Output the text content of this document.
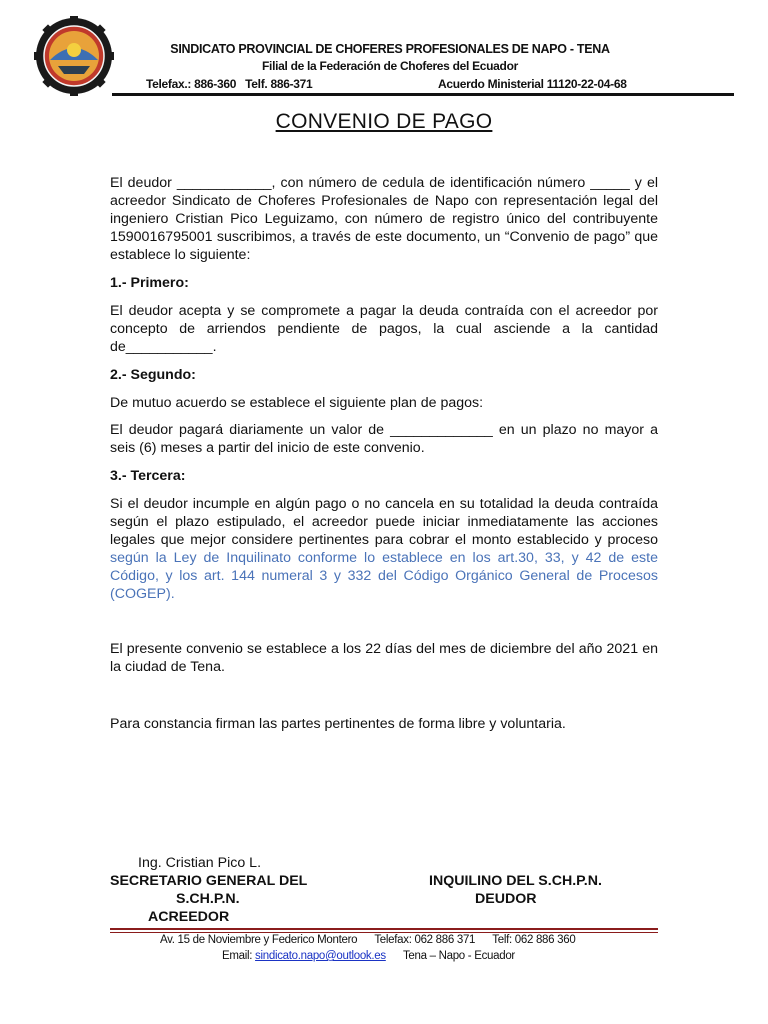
SINDICATO PROVINCIAL DE CHOFERES PROFESIONALES DE NAPO - TENA
Filial de la Federación de Choferes del Ecuador
Telefax.: 886-360   Telf. 886-371	Acuerdo Ministerial 11120-22-04-68
CONVENIO DE PAGO
El deudor ____________, con número de cedula de identificación número _____ y el acreedor Sindicato de Choferes Profesionales de Napo con representación legal del ingeniero Cristian Pico Leguizamo, con número de registro único del contribuyente 1590016795001 suscribimos, a través de este documento, un “Convenio de pago” que establece lo siguiente:
1.- Primero:
El deudor acepta y se compromete a pagar la deuda contraída con el acreedor por concepto de arriendos pendiente de pagos, la cual asciende a la cantidad de___________.
2.- Segundo:
De mutuo acuerdo se establece el siguiente plan de pagos:
El deudor pagará diariamente un valor de _____________ en un plazo no mayor a seis (6) meses a partir del inicio de este convenio.
3.- Tercera:
Si el deudor incumple en algún pago o no cancela en su totalidad la deuda contraída según el plazo estipulado, el acreedor puede iniciar inmediatamente las acciones legales que mejor considere pertinentes para cobrar el monto establecido y proceso según la Ley de Inquilinato conforme lo establece en los art.30, 33, y 42 de este Código, y los art. 144 numeral 3 y 332 del Código Orgánico General de Procesos (COGEP).
El presente convenio se establece a los 22 días del mes de diciembre del año 2021 en la ciudad de Tena.
Para constancia firman las partes pertinentes de forma libre y voluntaria.
Ing. Cristian Pico L.
SECRETARIO GENERAL DEL
S.CH.P.N.
ACREEDOR
INQUILINO DEL S.CH.P.N.
DEUDOR
Av. 15 de Noviembre y Federico Montero      Telefax: 062 886 371      Telf: 062 886 360
Email: sindicato.napo@outlook.es Tena – Napo - Ecuador
